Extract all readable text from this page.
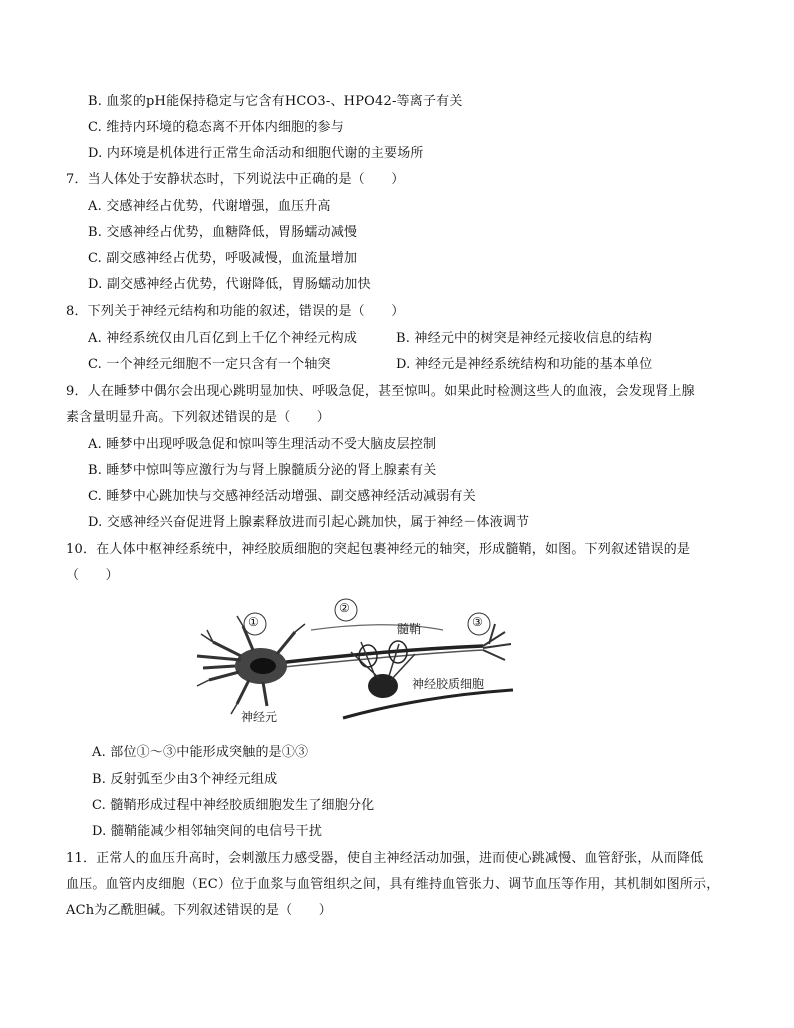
B. 血浆的pH能保持稳定与它含有HCO3-、HPO42-等离子有关
C. 维持内环境的稳态离不开体内细胞的参与
D. 内环境是机体进行正常生命活动和细胞代谢的主要场所
7．当人体处于安静状态时，下列说法中正确的是（　　）
A. 交感神经占优势，代谢增强，血压升高
B. 交感神经占优势，血糖降低，胃肠蠕动减慢
C. 副交感神经占优势，呼吸减慢，血流量增加
D. 副交感神经占优势，代谢降低，胃肠蠕动加快
8．下列关于神经元结构和功能的叙述，错误的是（　　）
A. 神经系统仅由几百亿到上千亿个神经元构成	B. 神经元中的树突是神经元接收信息的结构
C. 一个神经元细胞不一定只含有一个轴突	D. 神经元是神经系统结构和功能的基本单位
9．人在睡梦中偶尔会出现心跳明显加快、呼吸急促，甚至惊叫。如果此时检测这些人的血液，会发现肾上腺
素含量明显升高。下列叙述错误的是（　　）
A. 睡梦中出现呼吸急促和惊叫等生理活动不受大脑皮层控制
B. 睡梦中惊叫等应激行为与肾上腺髓质分泌的肾上腺素有关
C. 睡梦中心跳加快与交感神经活动增强、副交感神经活动减弱有关
D. 交感神经兴奋促进肾上腺素释放进而引起心跳加快，属于神经－体液调节
10．在人体中枢神经系统中，神经胶质细胞的突起包裹神经元的轴突，形成髓鞘，如图。下列叙述错误的是
（　　）
①
②
③
髓鞘
神经胶质细胞
神经元
A. 部位①～③中能形成突触的是①③
B. 反射弧至少由3个神经元组成
C. 髓鞘形成过程中神经胶质细胞发生了细胞分化
D. 髓鞘能减少相邻轴突间的电信号干扰
11．正常人的血压升高时，会刺激压力感受器，使自主神经活动加强，进而使心跳减慢、血管舒张，从而降低
血压。血管内皮细胞（EC）位于血浆与血管组织之间，具有维持血管张力、调节血压等作用，其机制如图所示，
ACh为乙酰胆碱。下列叙述错误的是（　　）
